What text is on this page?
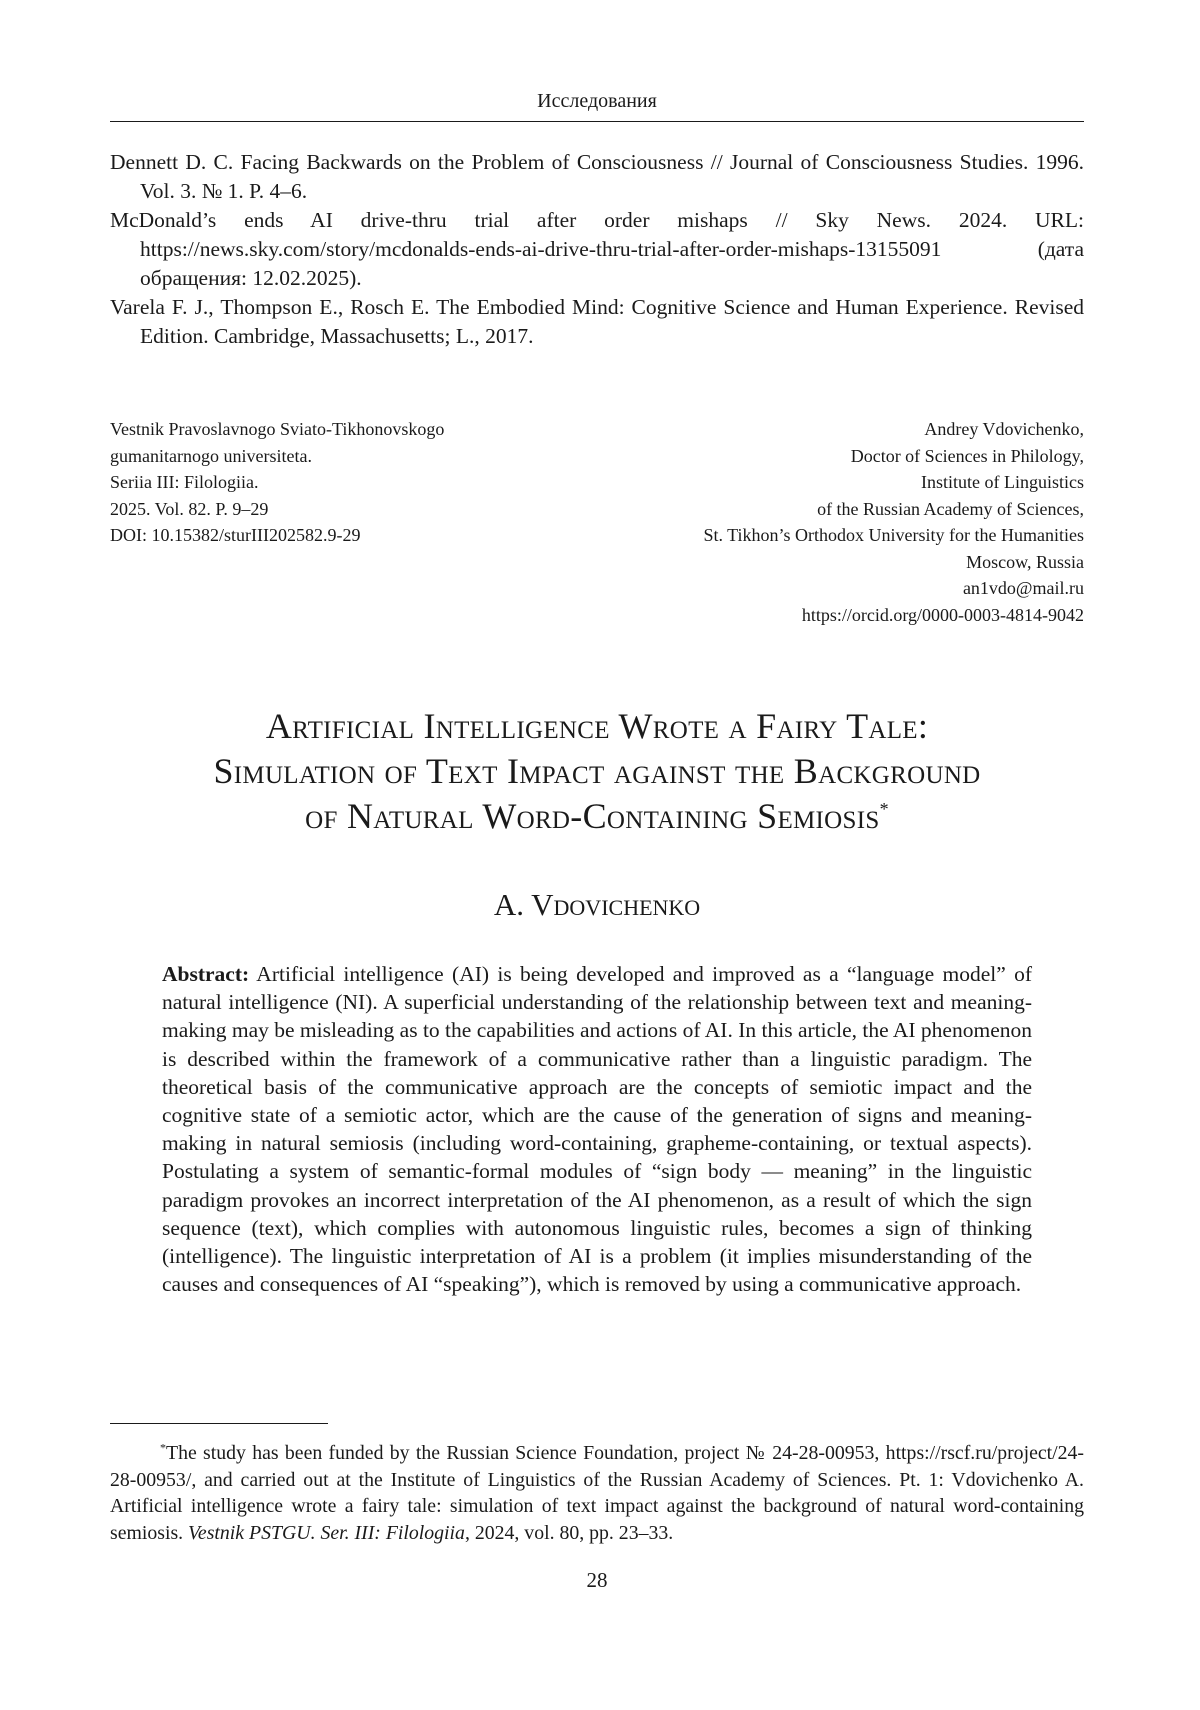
Исследования

Dennett D. C. Facing Backwards on the Problem of Consciousness // Journal of Consciousness Studies. 1996. Vol. 3. № 1. P. 4–6.

McDonald’s ends AI drive-thru trial after order mishaps // Sky News. 2024. URL: https://news.sky.com/story/mcdonalds-ends-ai-drive-thru-trial-after-order-mishaps-13155091 (дата обращения: 12.02.2025).

Varela F. J., Thompson E., Rosch E. The Embodied Mind: Cognitive Science and Human Experience. Revised Edition. Cambridge, Massachusetts; L., 2017.

Vestnik Pravoslavnogo Sviato-Tikhonovskogo
gumanitarnogo universiteta.
Seriia III: Filologiia.
2025. Vol. 82. P. 9–29
DOI: 10.15382/sturIII202582.9-29
Andrey Vdovichenko,
Doctor of Sciences in Philology,
Institute of Linguistics
of the Russian Academy of Sciences,
St. Tikhon’s Orthodox University for the Humanities
Moscow, Russia
an1vdo@mail.ru
https://orcid.org/0000-0003-4814-9042
Artificial Intelligence Wrote a Fairy Tale:
Simulation of Text Impact against the Background
of Natural Word-Containing Semiosis*
A. Vdovichenko

Abstract: Artificial intelligence (AI) is being developed and improved as a “language model” of natural intelligence (NI). A superficial understanding of the relationship between text and meaning-making may be misleading as to the capabilities and actions of AI. In this article, the AI phenomenon is described within the framework of a communicative rather than a linguistic paradigm. The theoretical basis of the communicative approach are the concepts of semiotic impact and the cognitive state of a semiotic actor, which are the cause of the generation of signs and meaning-making in natural semiosis (including word-containing, grapheme-containing, or textual aspects). Postulating a system of semantic-formal modules of “sign body — meaning” in the linguistic paradigm provokes an incorrect interpretation of the AI phenomenon, as a result of which the sign sequence (text), which complies with autonomous linguistic rules, becomes a sign of thinking (intelligence). The linguistic interpretation of AI is a problem (it implies misunderstanding of the causes and consequences of AI “speaking”), which is removed by using a communicative approach.

*The study has been funded by the Russian Science Foundation, project № 24-28-00953, https://rscf.ru/project/24-28-00953/, and carried out at the Institute of Linguistics of the Russian Academy of Sciences. Pt. 1: Vdovichenko A. Artificial intelligence wrote a fairy tale: simulation of text impact against the background of natural word-containing semiosis. Vestnik PSTGU. Ser. III: Filologiia, 2024, vol. 80, pp. 23–33.

28
